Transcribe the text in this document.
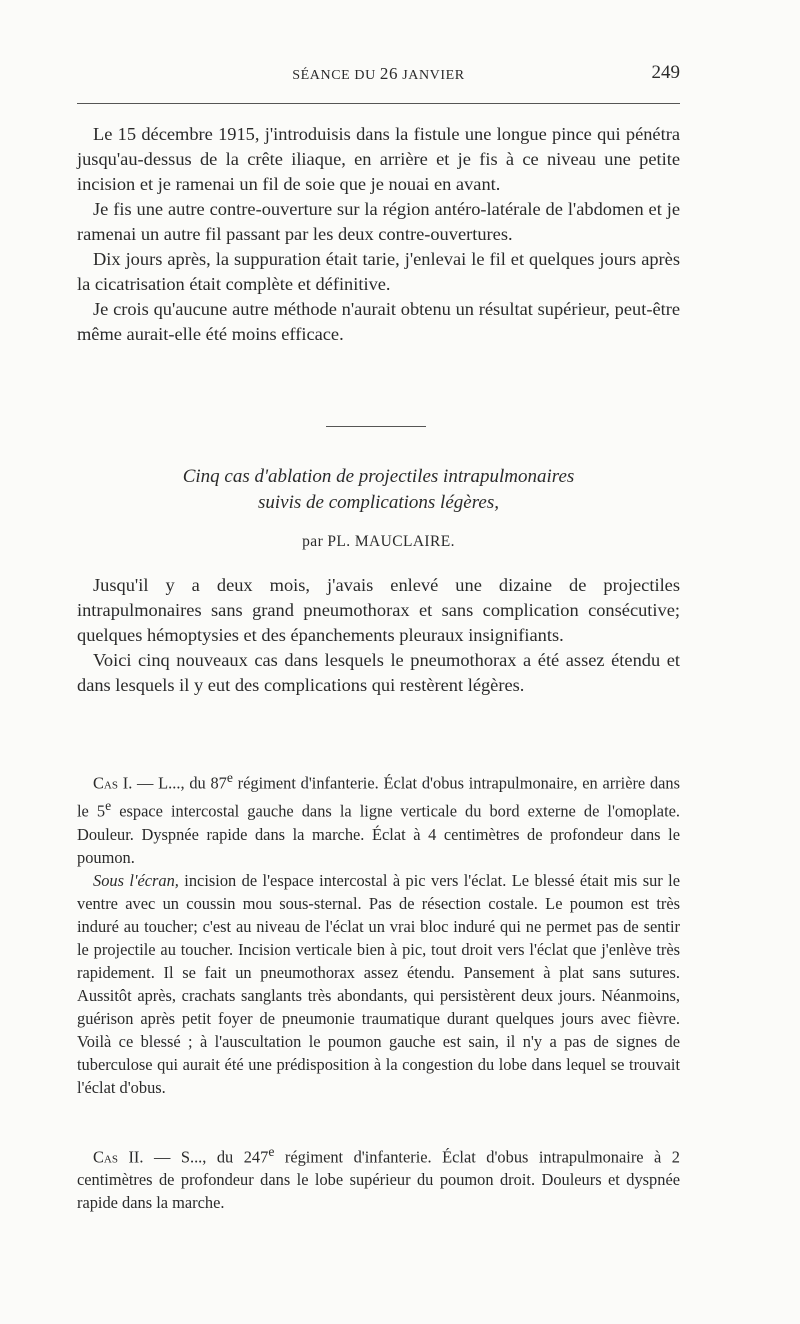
SÉANCE DU 26 JANVIER	249

Le 15 décembre 1915, j'introduisis dans la fistule une longue pince qui pénétra jusqu'au-dessus de la crête iliaque, en arrière et je fis à ce niveau une petite incision et je ramenai un fil de soie que je nouai en avant.

Je fis une autre contre-ouverture sur la région antéro-latérale de l'abdomen et je ramenai un autre fil passant par les deux contre-ouvertures.

Dix jours après, la suppuration était tarie, j'enlevai le fil et quelques jours après la cicatrisation était complète et définitive.

Je crois qu'aucune autre méthode n'aurait obtenu un résultat supérieur, peut-être même aurait-elle été moins efficace.

Cinq cas d'ablation de projectiles intrapulmonaires

suivis de complications légères,

par PL. MAUCLAIRE.

Jusqu'il y a deux mois, j'avais enlevé une dizaine de projectiles intrapulmonaires sans grand pneumothorax et sans complication consécutive; quelques hémoptysies et des épanchements pleuraux insignifiants.

Voici cinq nouveaux cas dans lesquels le pneumothorax a été assez étendu et dans lesquels il y eut des complications qui restèrent légères.

Cas I. — L..., du 87e régiment d'infanterie. Éclat d'obus intrapulmonaire, en arrière dans le 5e espace intercostal gauche dans la ligne verticale du bord externe de l'omoplate. Douleur. Dyspnée rapide dans la marche. Éclat à 4 centimètres de profondeur dans le poumon.

Sous l'écran, incision de l'espace intercostal à pic vers l'éclat. Le blessé était mis sur le ventre avec un coussin mou sous-sternal. Pas de résection costale. Le poumon est très induré au toucher; c'est au niveau de l'éclat un vrai bloc induré qui ne permet pas de sentir le projectile au toucher. Incision verticale bien à pic, tout droit vers l'éclat que j'enlève très rapidement. Il se fait un pneumothorax assez étendu. Pansement à plat sans sutures. Aussitôt après, crachats sanglants très abondants, qui persistèrent deux jours. Néanmoins, guérison après petit foyer de pneumonie traumatique durant quelques jours avec fièvre. Voilà ce blessé ; à l'auscultation le poumon gauche est sain, il n'y a pas de signes de tuberculose qui aurait été une prédisposition à la congestion du lobe dans lequel se trouvait l'éclat d'obus.

Cas II. — S..., du 247e régiment d'infanterie. Éclat d'obus intrapulmonaire à 2 centimètres de profondeur dans le lobe supérieur du poumon droit. Douleurs et dyspnée rapide dans la marche.
